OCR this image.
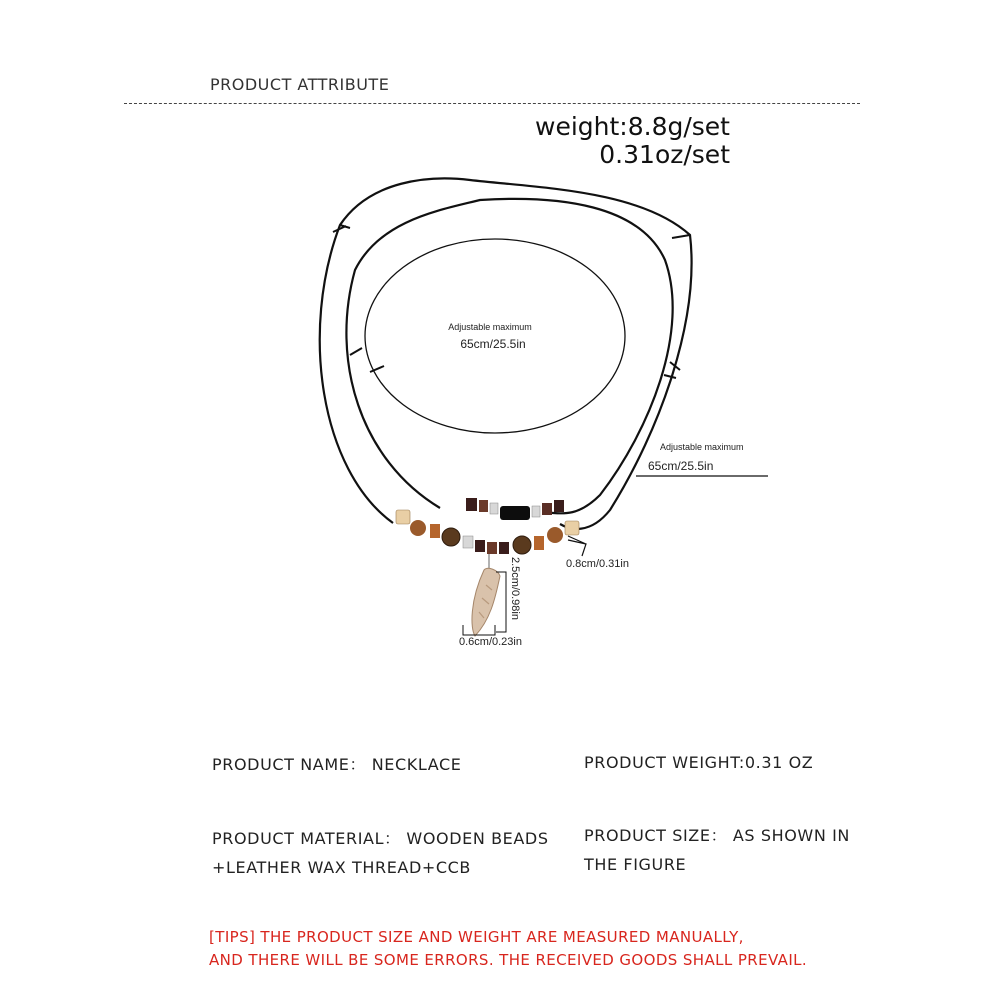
PRODUCT ATTRIBUTE
weight:8.8g/set
0.31oz/set
Adjustable maximum
65cm/25.5in
Adjustable maximum
65cm/25.5in
0.8cm/0.31in
2.5cm/0.98in
0.6cm/0.23in
PRODUCT NAME： NECKLACE	PRODUCT WEIGHT:0.31 OZ
PRODUCT MATERIAL： WOODEN BEADS
+LEATHER WAX THREAD+CCB
PRODUCT SIZE： AS SHOWN IN
THE FIGURE
[TIPS] THE PRODUCT SIZE AND WEIGHT ARE MEASURED MANUALLY,
AND THERE WILL BE SOME ERRORS. THE RECEIVED GOODS SHALL PREVAIL.
